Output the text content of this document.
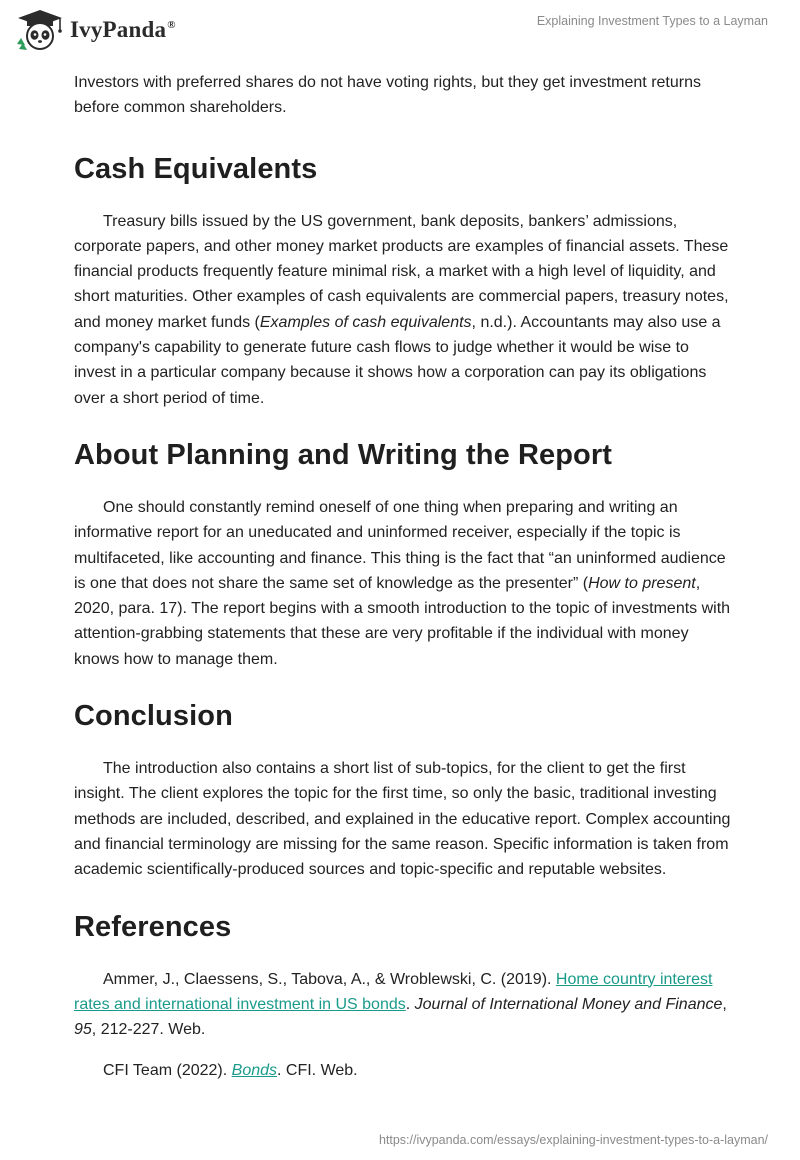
IvyPanda®	Explaining Investment Types to a Layman

Investors with preferred shares do not have voting rights, but they get investment returns before common shareholders.

Cash Equivalents

Treasury bills issued by the US government, bank deposits, bankers’ admissions, corporate papers, and other money market products are examples of financial assets. These financial products frequently feature minimal risk, a market with a high level of liquidity, and short maturities. Other examples of cash equivalents are commercial papers, treasury notes, and money market funds (Examples of cash equivalents, n.d.). Accountants may also use a company's capability to generate future cash flows to judge whether it would be wise to invest in a particular company because it shows how a corporation can pay its obligations over a short period of time.

About Planning and Writing the Report

One should constantly remind oneself of one thing when preparing and writing an informative report for an uneducated and uninformed receiver, especially if the topic is multifaceted, like accounting and finance. This thing is the fact that “an uninformed audience is one that does not share the same set of knowledge as the presenter” (How to present, 2020, para. 17). The report begins with a smooth introduction to the topic of investments with attention-grabbing statements that these are very profitable if the individual with money knows how to manage them.

Conclusion

The introduction also contains a short list of sub-topics, for the client to get the first insight. The client explores the topic for the first time, so only the basic, traditional investing methods are included, described, and explained in the educative report. Complex accounting and financial terminology are missing for the same reason. Specific information is taken from academic scientifically-produced sources and topic-specific and reputable websites.

References

Ammer, J., Claessens, S., Tabova, A., & Wroblewski, C. (2019). Home country interest rates and international investment in US bonds. Journal of International Money and Finance, 95, 212-227. Web.

CFI Team (2022). Bonds. CFI. Web.

https://ivypanda.com/essays/explaining-investment-types-to-a-layman/
